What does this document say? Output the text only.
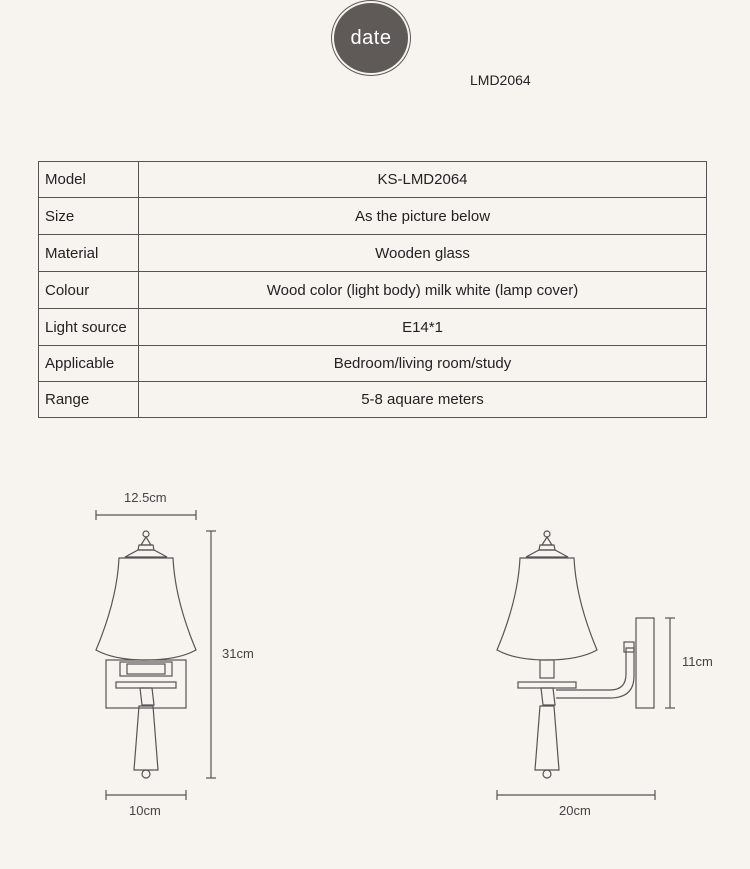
date
LMD2064
Model	KS-LMD2064
Size	As the picture below
Material	Wooden glass
Colour	Wood color (light body) milk white (lamp cover)
Light source	E14*1
Applicable	Bedroom/living room/study
Range	5-8 aquare meters
12.5cm
31cm
10cm
11cm
20cm
